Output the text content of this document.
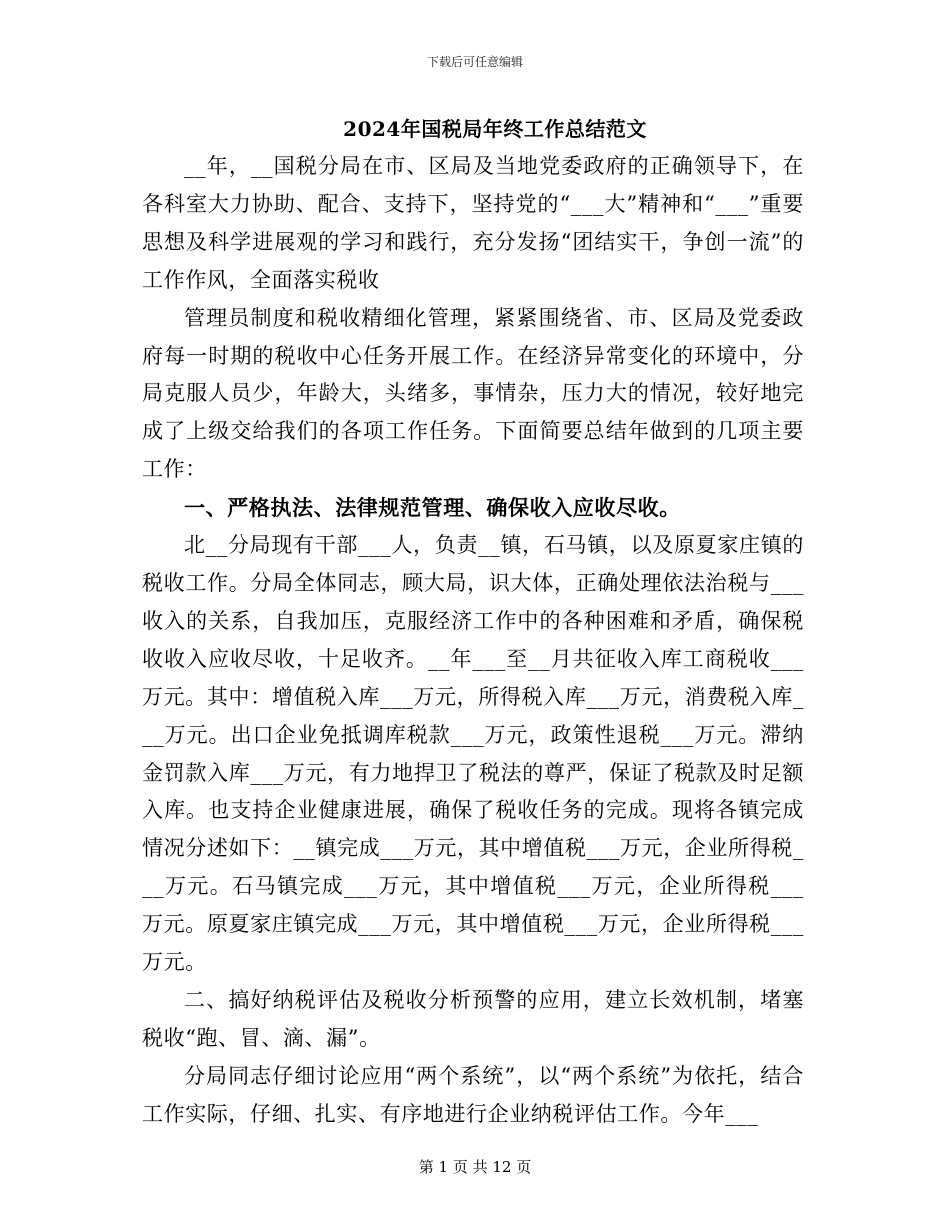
下载后可任意编辑
2024年国税局年终工作总结范文

__年，__国税分局在市、区局及当地党委政府的正确领导下，在各科室大力协助、配合、支持下，坚持党的“___大”精神和“___”重要思想及科学进展观的学习和践行，充分发扬“团结实干，争创一流”的工作作风，全面落实税收

管理员制度和税收精细化管理，紧紧围绕省、市、区局及党委政府每一时期的税收中心任务开展工作。在经济异常变化的环境中，分局克服人员少，年龄大，头绪多，事情杂，压力大的情况，较好地完成了上级交给我们的各项工作任务。下面简要总结年做到的几项主要工作：

一、严格执法、法律规范管理、确保收入应收尽收。

北__分局现有干部___人，负责__镇，石马镇，以及原夏家庄镇的税收工作。分局全体同志，顾大局，识大体，正确处理依法治税与___收入的关系，自我加压，克服经济工作中的各种困难和矛盾，确保税收收入应收尽收，十足收齐。__年___至__月共征收入库工商税收___万元。其中：增值税入库___万元，所得税入库___万元，消费税入库___万元。出口企业免抵调库税款___万元，政策性退税___万元。滞纳金罚款入库___万元，有力地捍卫了税法的尊严，保证了税款及时足额入库。也支持企业健康进展，确保了税收任务的完成。现将各镇完成情况分述如下：__镇完成___万元，其中增值税___万元，企业所得税___万元。石马镇完成___万元，其中增值税___万元，企业所得税___万元。原夏家庄镇完成___万元，其中增值税___万元，企业所得税___万元。

二、搞好纳税评估及税收分析预警的应用，建立长效机制，堵塞税收“跑、冒、滴、漏”。

分局同志仔细讨论应用“两个系统”，以“两个系统”为依托，结合工作实际，仔细、扎实、有序地进行企业纳税评估工作。今年___

第 1 页 共 12 页
